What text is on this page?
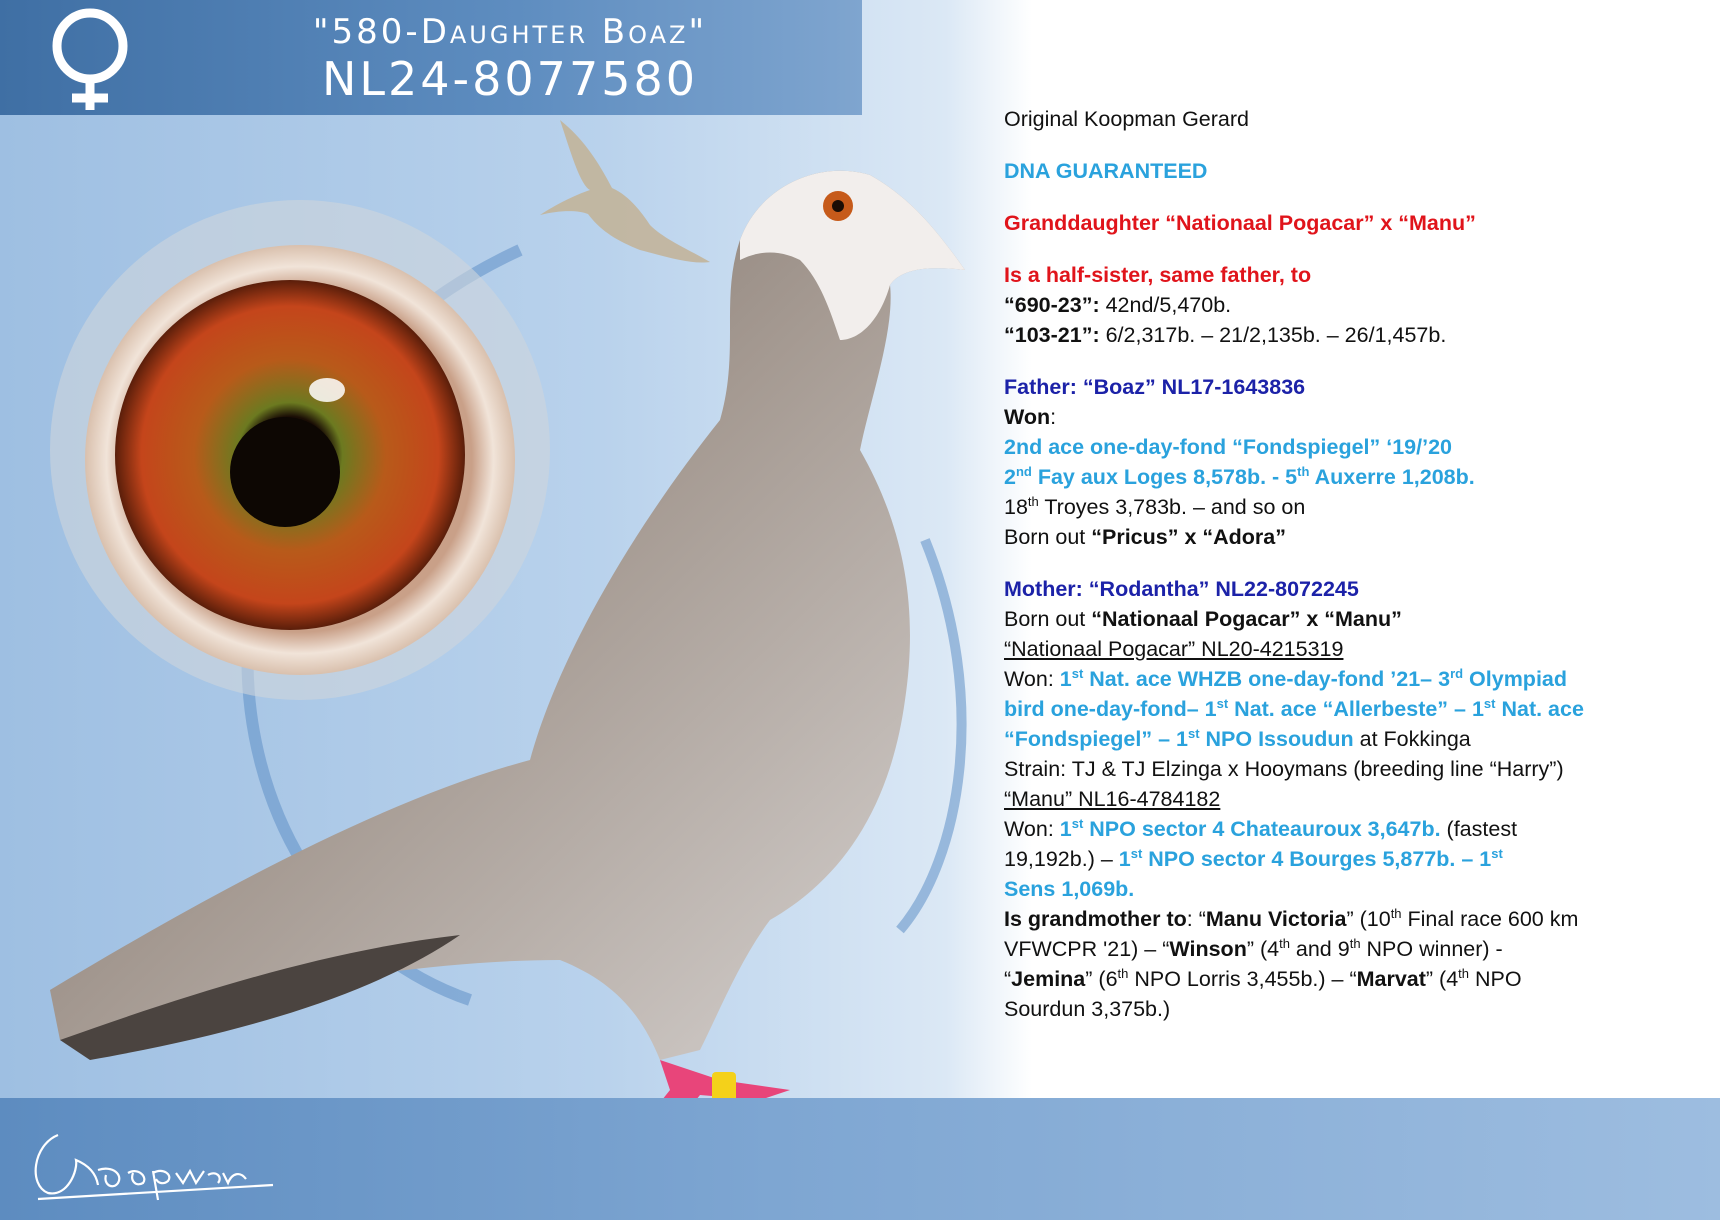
"580-Daughter Boaz"
NL24-8077580

Original Koopman Gerard

DNA GUARANTEED

Granddaughter “Nationaal Pogacar” x “Manu”

Is a half-sister, same father, to
“690-23”: 42nd/5,470b.
“103-21”: 6/2,317b. – 21/2,135b. – 26/1,457b.

Father: “Boaz” NL17-1643836
Won:
2nd ace one-day-fond “Fondspiegel” ‘19/’20
2nd Fay aux Loges 8,578b. - 5th Auxerre 1,208b.
18th Troyes 3,783b. – and so on
Born out “Pricus” x “Adora”

Mother: “Rodantha” NL22-8072245
Born out “Nationaal Pogacar” x “Manu”
“Nationaal Pogacar” NL20-4215319
Won: 1st Nat. ace WHZB one-day-fond ’21– 3rd Olympiad
bird one-day-fond– 1st Nat. ace “Allerbeste” – 1st Nat. ace
“Fondspiegel” – 1st NPO Issoudun at Fokkinga
Strain: TJ & TJ Elzinga x Hooymans (breeding line “Harry”)
“Manu” NL16-4784182
Won: 1st NPO sector 4 Chateauroux 3,647b. (fastest
19,192b.) – 1st NPO sector 4 Bourges 5,877b. – 1st
Sens 1,069b.
Is grandmother to: “Manu Victoria” (10th Final race 600 km
VFWCPR '21) – “Winson” (4th and 9th NPO winner) -
“Jemina” (6th NPO Lorris 3,455b.) – “Marvat” (4th NPO
Sourdun 3,375b.)
